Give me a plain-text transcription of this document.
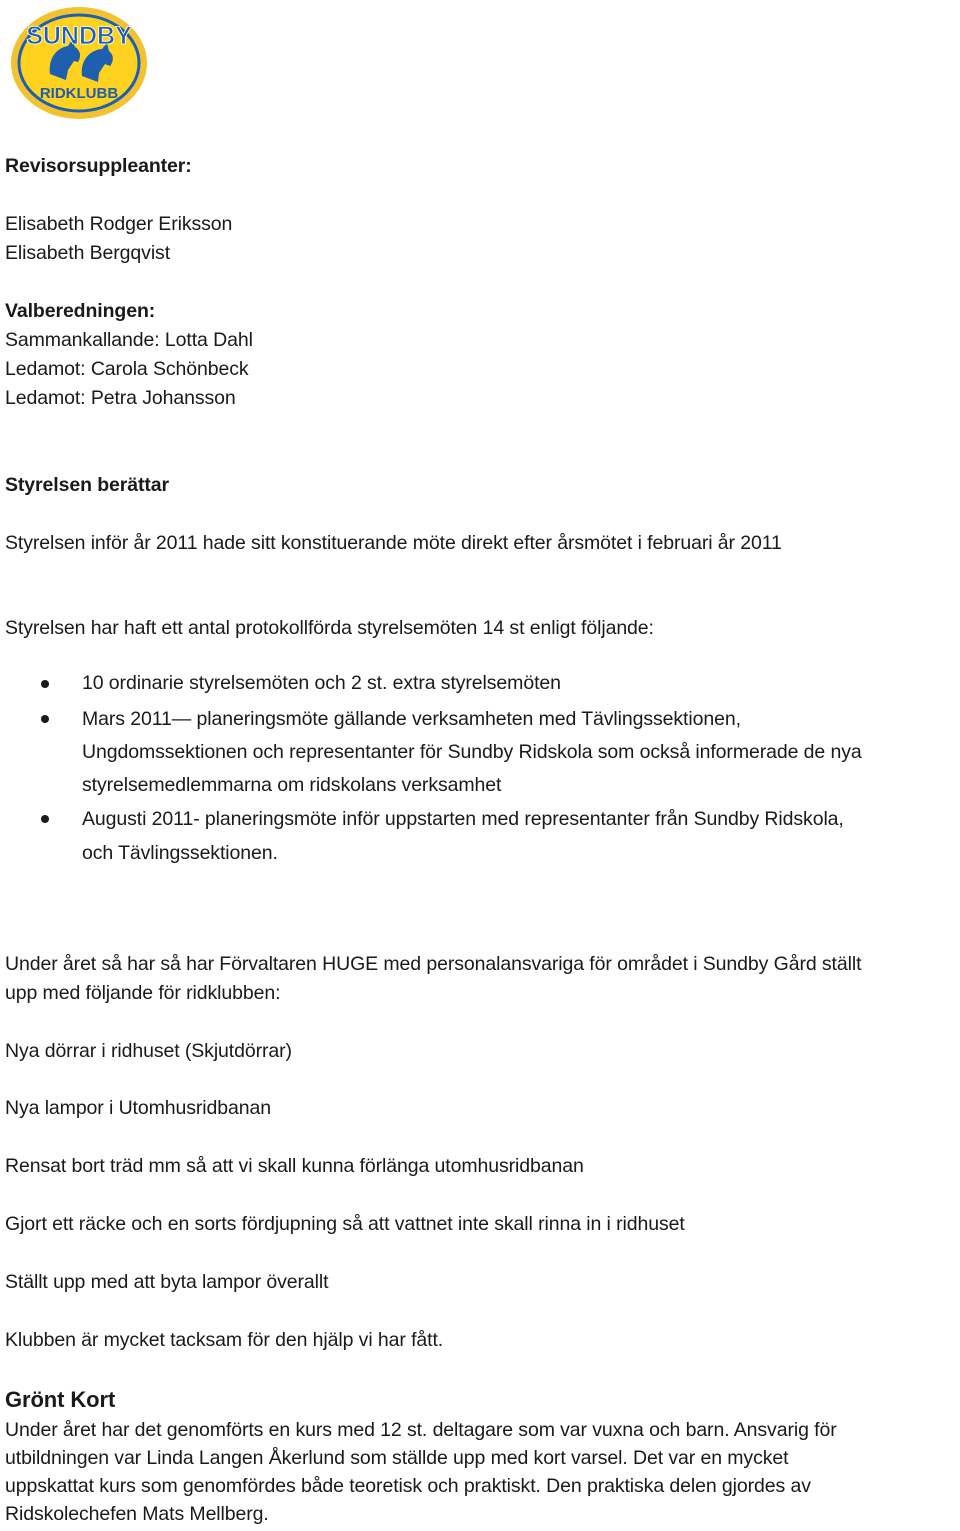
SUNDBY
RIDKLUBB
Revisorsuppleanter:
Elisabeth Rodger Eriksson
Elisabeth Bergqvist
Valberedningen:
Sammankallande: Lotta Dahl
Ledamot: Carola Schönbeck
Ledamot: Petra Johansson
Styrelsen berättar
Styrelsen inför år 2011 hade sitt konstituerande möte direkt efter årsmötet i februari år 2011
Styrelsen har haft ett antal protokollförda styrelsemöten 14 st enligt följande:
10 ordinarie styrelsemöten och 2 st. extra styrelsemöten
Mars 2011— planeringsmöte gällande verksamheten med Tävlingssektionen,
Ungdomssektionen och representanter för Sundby Ridskola som också informerade de nya
styrelsemedlemmarna om ridskolans verksamhet
Augusti 2011- planeringsmöte inför uppstarten med representanter från Sundby Ridskola,
och Tävlingssektionen.
Under året så har så har Förvaltaren HUGE med personalansvariga för området i Sundby Gård ställt
upp med följande för ridklubben:
Nya dörrar i ridhuset (Skjutdörrar)
Nya lampor i Utomhusridbanan
Rensat bort träd mm så att vi skall kunna förlänga utomhusridbanan
Gjort ett räcke och en sorts fördjupning så att vattnet inte skall rinna in i ridhuset
Ställt upp med att byta lampor överallt
Klubben är mycket tacksam för den hjälp vi har fått.
Grönt Kort
Under året har det genomförts en kurs med 12 st. deltagare som var vuxna och barn. Ansvarig för
utbildningen var Linda Langen Åkerlund som ställde upp med kort varsel. Det var en mycket
uppskattat kurs som genomfördes både teoretisk och praktiskt. Den praktiska delen gjordes av
Ridskolechefen Mats Mellberg.
